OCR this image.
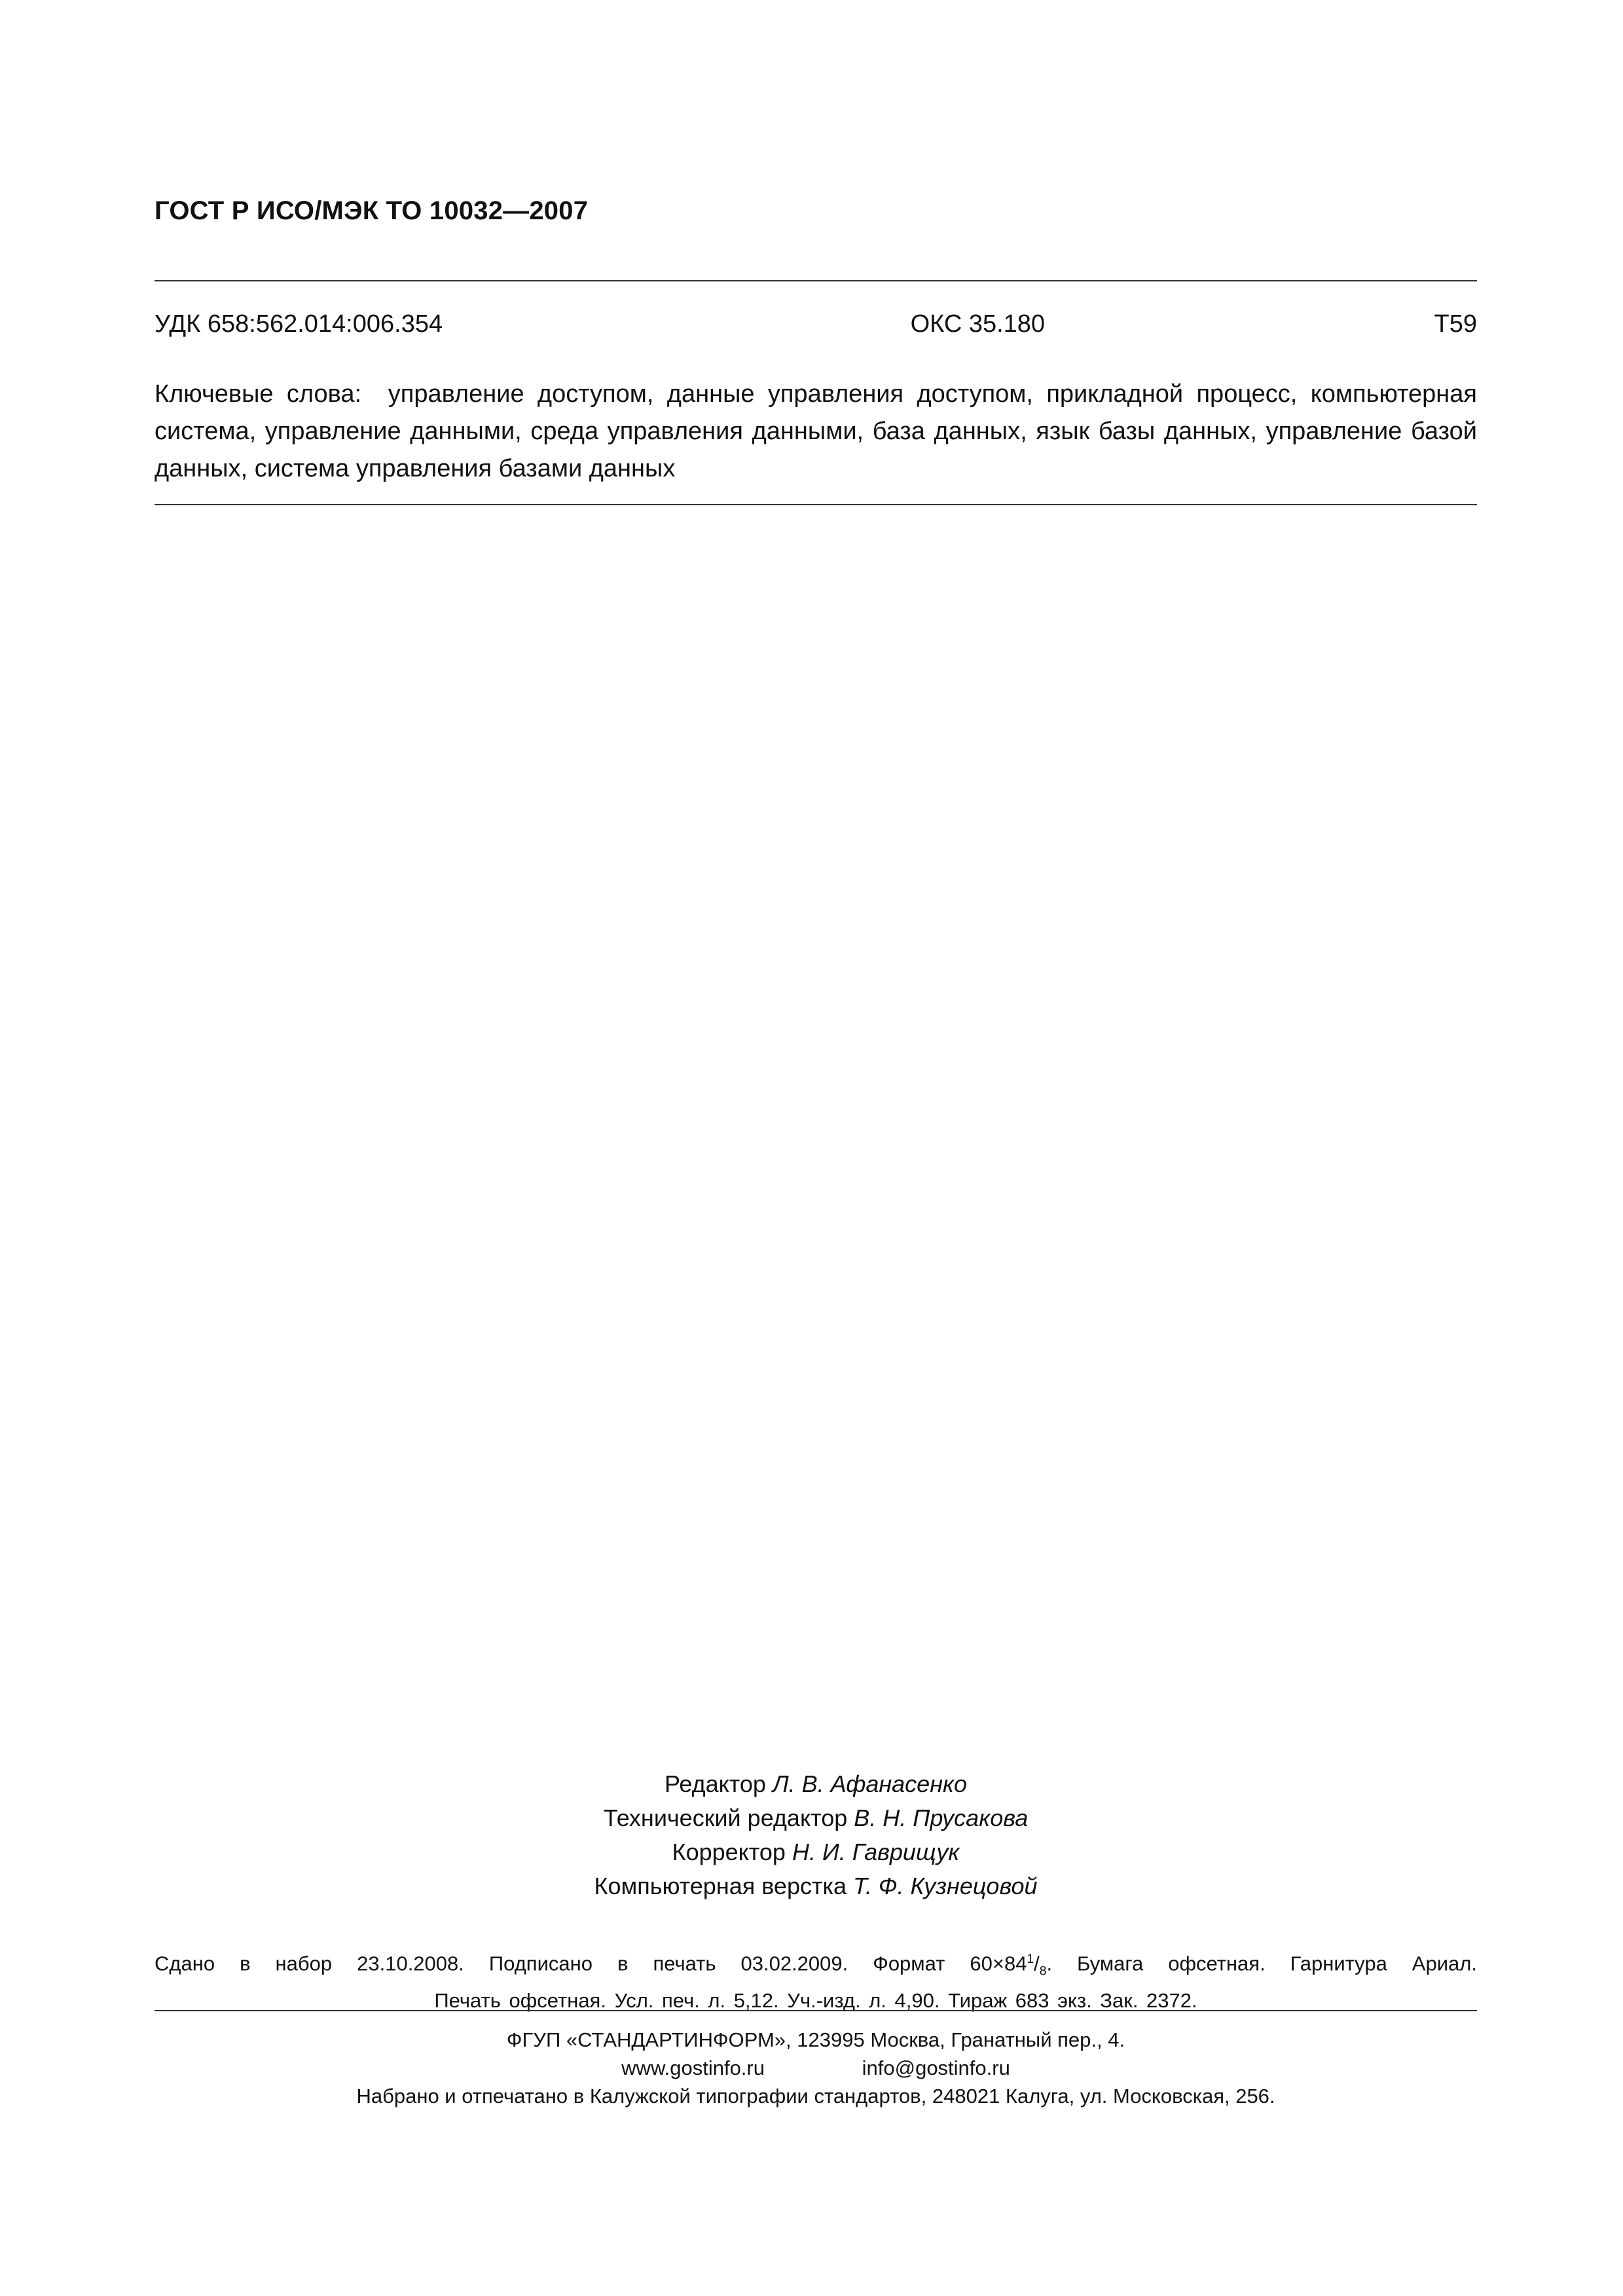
ГОСТ Р ИСО/МЭК ТО 10032—2007
УДК 658:562.014:006.354	ОКС 35.180	Т59
Ключевые слова: управление доступом, данные управления доступом, прикладной процесс, компьютерная система, управление данными, среда управления данными, база данных, язык базы данных, управление базой данных, система управления базами данных
Редактор Л. В. Афанасенко
Технический редактор В. Н. Прусакова
Корректор Н. И. Гаврищук
Компьютерная верстка Т. Ф. Кузнецовой
Сдано в набор 23.10.2008. Подписано в печать 03.02.2009. Формат $60\times 84^1/_8$. Бумага офсетная. Гарнитура Ариал.
Печать офсетная. Усл. печ. л. 5,12. Уч.-изд. л. 4,90. Тираж 683 экз. Зак. 2372.
ФГУП «СТАНДАРТИНФОРМ», 123995 Москва, Гранатный пер., 4.
www.gostinfo.ru	info@gostinfo.ru
Набрано и отпечатано в Калужской типографии стандартов, 248021 Калуга, ул. Московская, 256.
